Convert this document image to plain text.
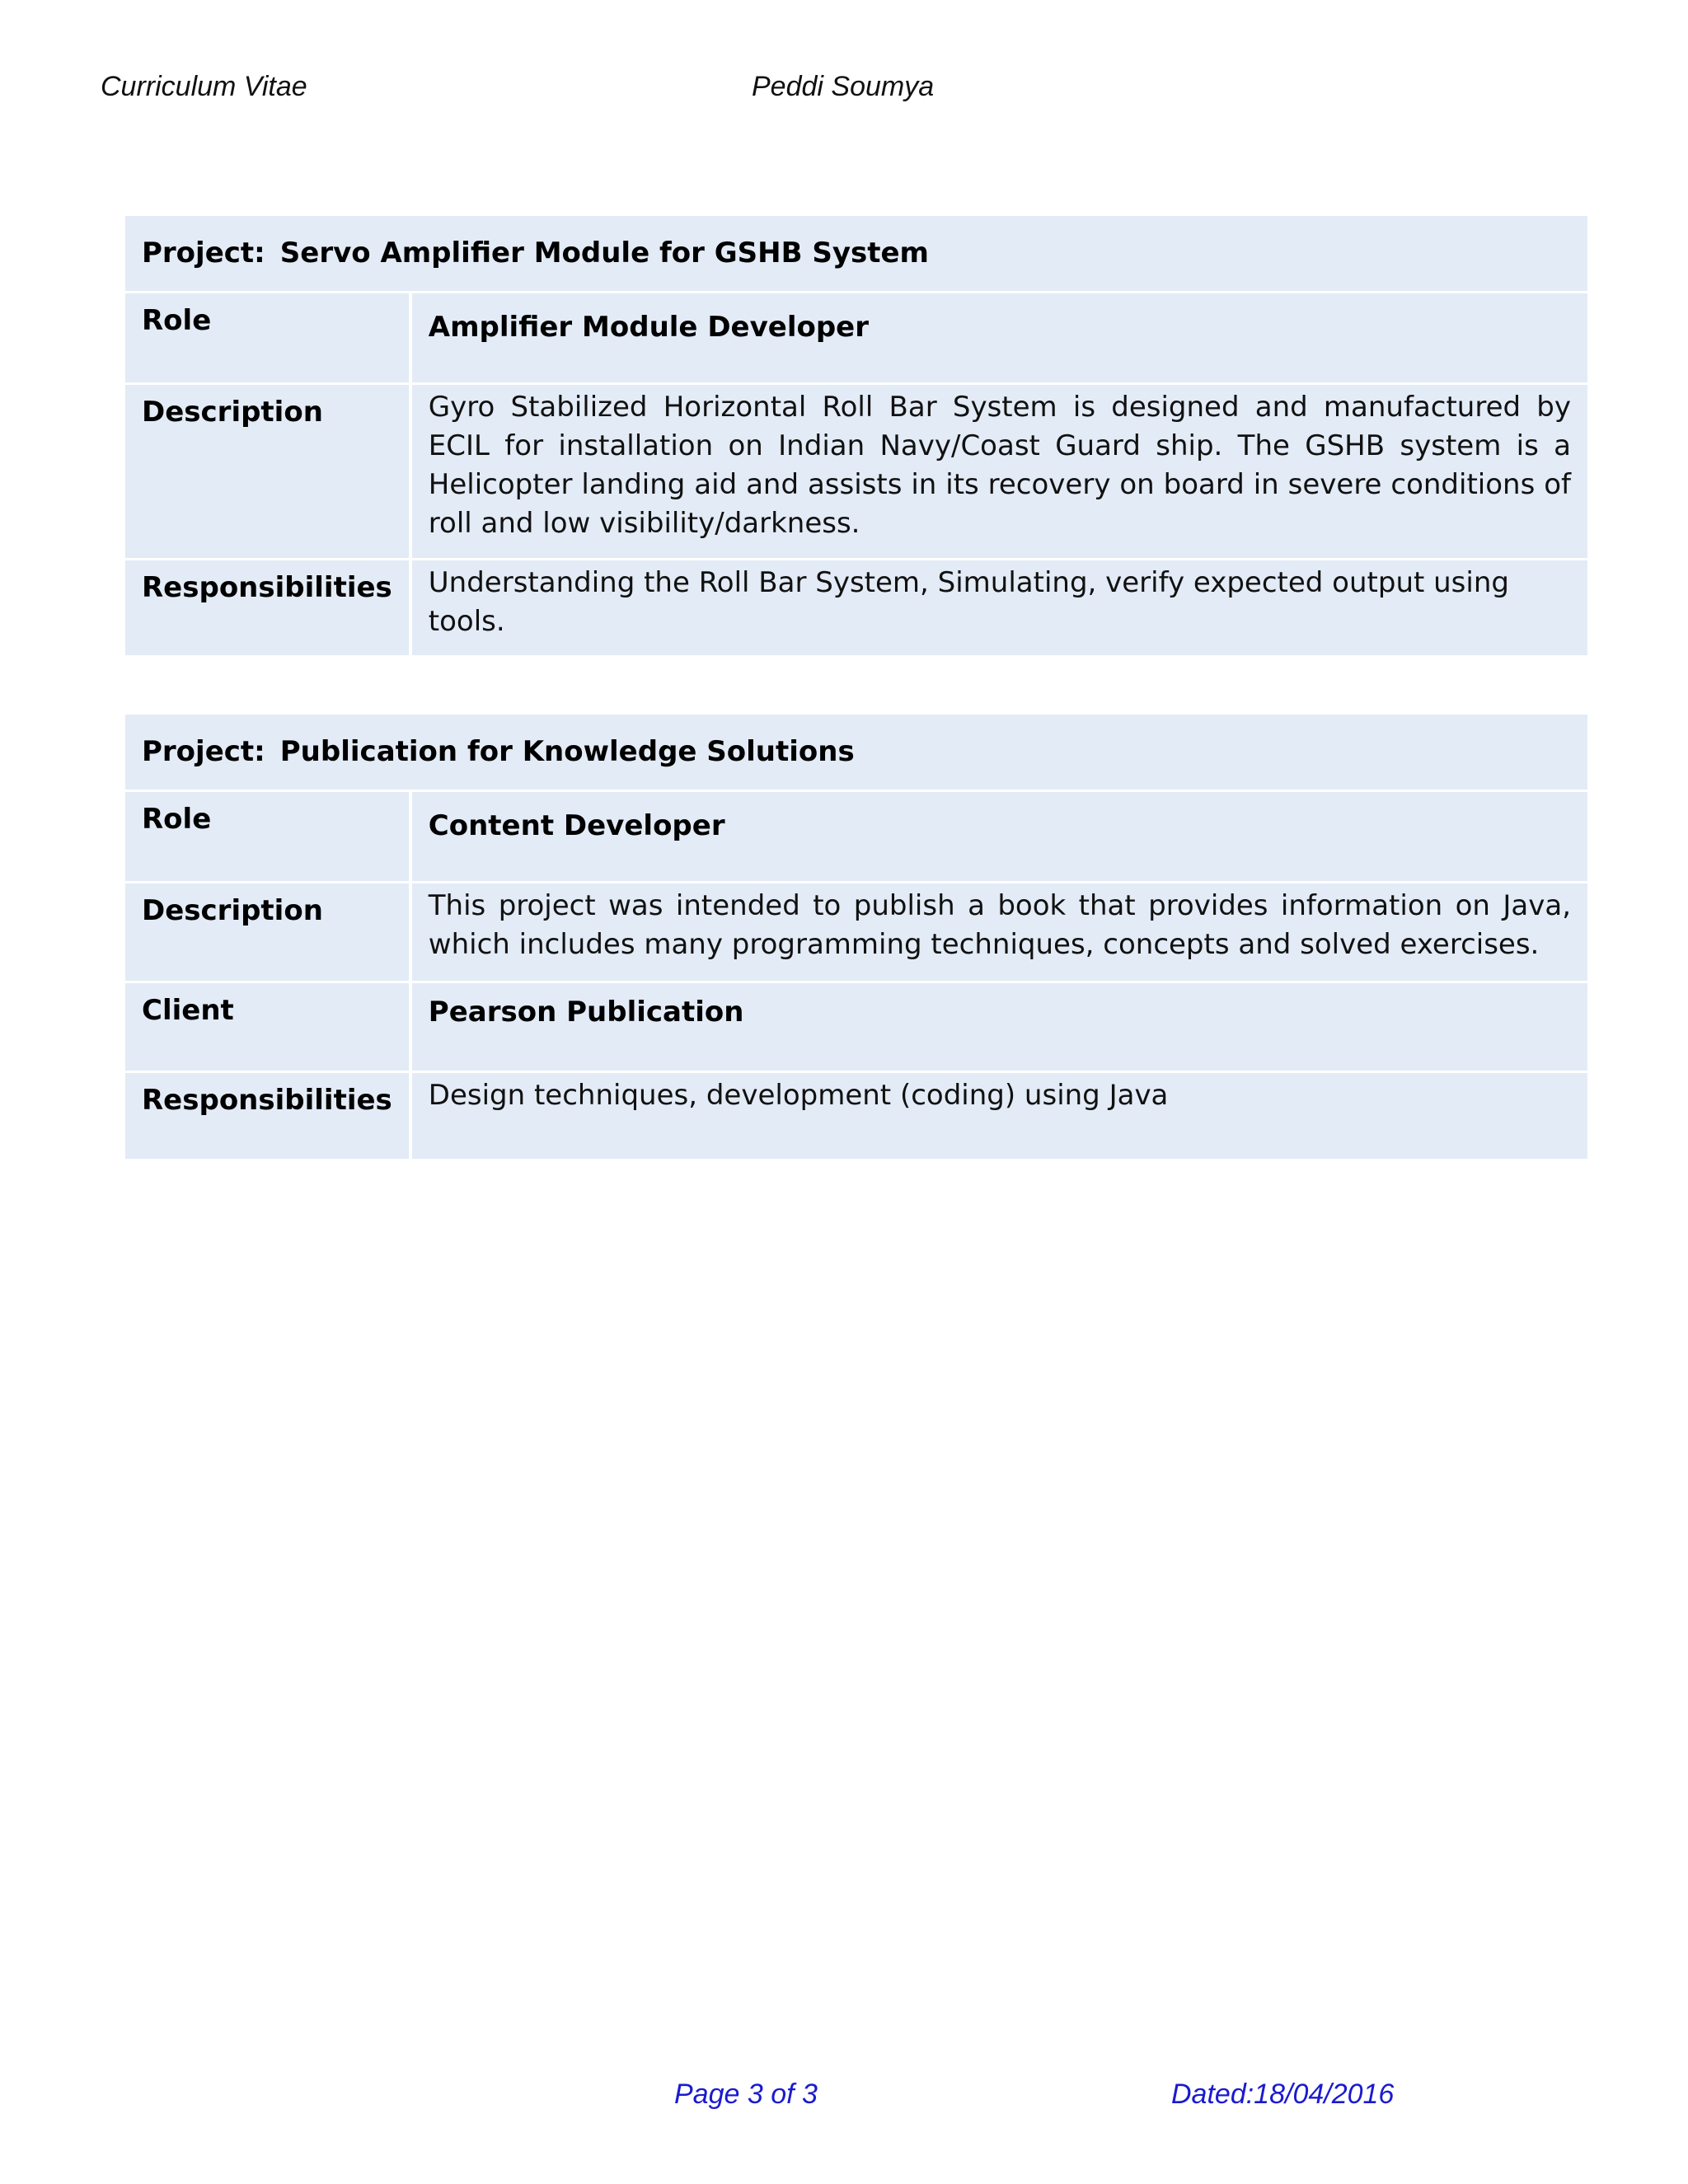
Curriculum Vitae	Peddi Soumya
Project: Servo Amplifier Module for GSHB System	
Role	Amplifier Module Developer
Description	Gyro Stabilized Horizontal Roll Bar System is designed and manufactured by ECIL for installation on Indian Navy/Coast Guard ship. The GSHB system is a Helicopter landing aid and assists in its recovery on board in severe conditions of roll and low visibility/darkness.
Responsibilities	Understanding the Roll Bar System, Simulating, verify expected output using tools.
Project: Publication for Knowledge Solutions	
Role	Content Developer
Description	This project was intended to publish a book that provides information on Java, which includes many programming techniques, concepts and solved exercises.
Client	Pearson Publication
Responsibilities	Design techniques, development (coding) using Java
Page 3 of 3	Dated:18/04/2016
